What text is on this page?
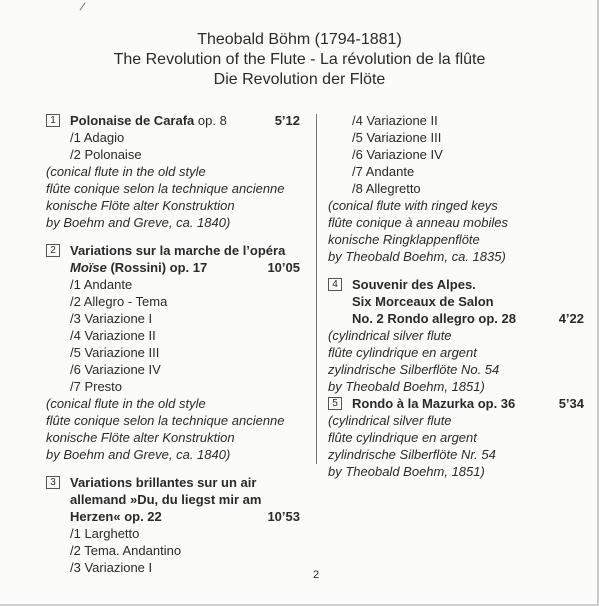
Theobald Böhm (1794-1881)
The Revolution of the Flute - La révolution de la flûte
Die Revolution der Flöte
1	Polonaise de Carafa op. 8	5’12
/1 Adagio
/2 Polonaise
(conical flute in the old style
flûte conique selon la technique ancienne
konische Flöte alter Konstruktion
by Boehm and Greve, ca. 1840)
2	Variations sur la marche de l’opéra
Moïse (Rossini) op. 17	10’05
/1 Andante
/2 Allegro - Tema
/3 Variazione I
/4 Variazione II
/5 Variazione III
/6 Variazione IV
/7 Presto
(conical flute in the old style
flûte conique selon la technique ancienne
konische Flöte alter Konstruktion
by Boehm and Greve, ca. 1840)
3	Variations brillantes sur un air
allemand »Du, du liegst mir am
Herzen« op. 22	10’53
/1 Larghetto
/2 Tema. Andantino
/3 Variazione I
/4 Variazione II
/5 Variazione III
/6 Variazione IV
/7 Andante
/8 Allegretto
(conical flute with ringed keys
flûte conique à anneau mobiles
konische Ringklappenflöte
by Theobald Boehm, ca. 1835)
4	Souvenir des Alpes.
Six Morceaux de Salon
No. 2 Rondo allegro op. 28	4’22
(cylindrical silver flute
flûte cylindrique en argent
zylindrische Silberflöte No. 54
by Theobald Boehm, 1851)
5	Rondo à la Mazurka op. 36	5’34
(cylindrical silver flute
flûte cylindrique en argent
zylindrische Silberflöte Nr. 54
by Theobald Boehm, 1851)
2
